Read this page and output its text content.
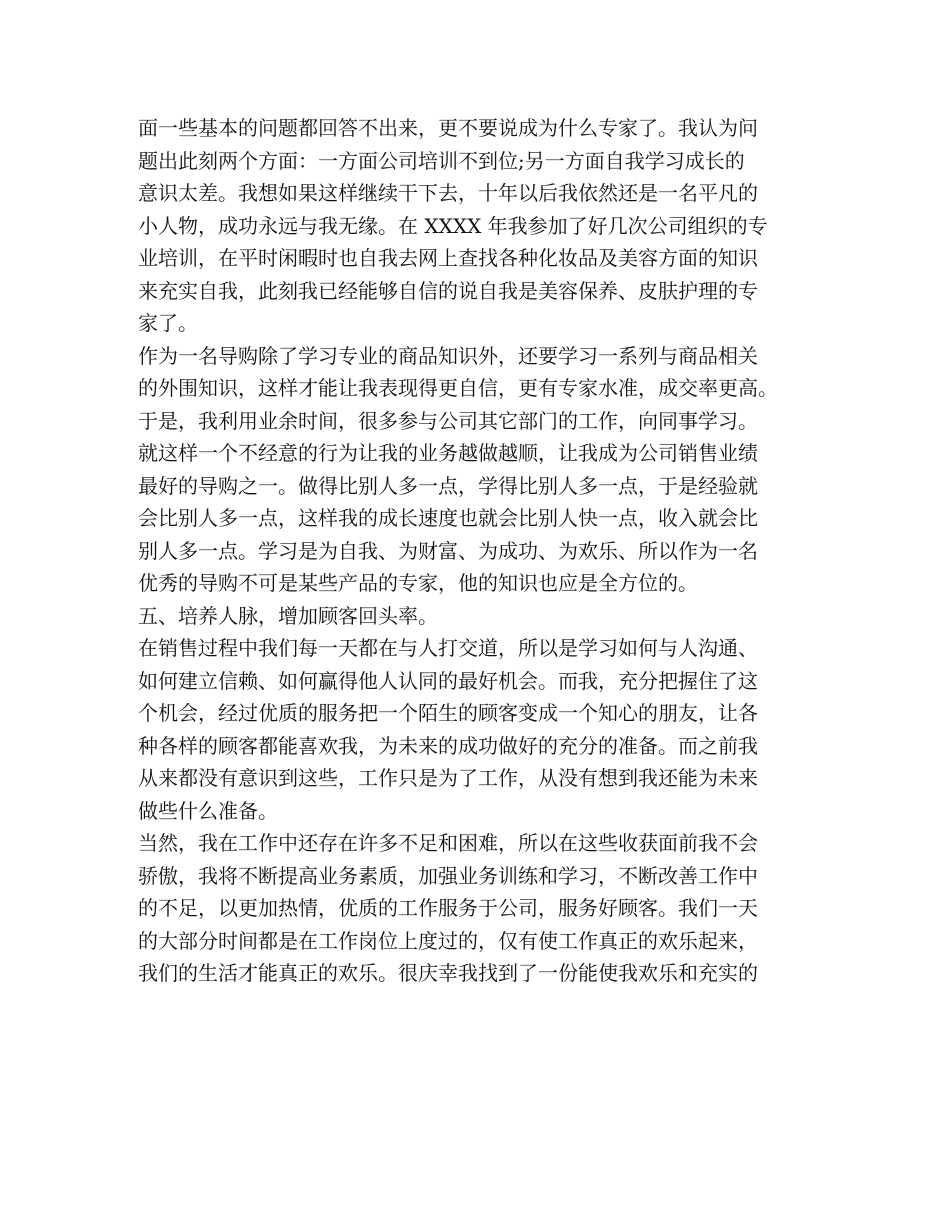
面一些基本的问题都回答不出来，更不要说成为什么专家了。我认为问
题出此刻两个方面：一方面公司培训不到位;另一方面自我学习成长的
意识太差。我想如果这样继续干下去，十年以后我依然还是一名平凡的
小人物，成功永远与我无缘。在 XXXX 年我参加了好几次公司组织的专
业培训，在平时闲暇时也自我去网上查找各种化妆品及美容方面的知识
来充实自我，此刻我已经能够自信的说自我是美容保养、皮肤护理的专
家了。
作为一名导购除了学习专业的商品知识外，还要学习一系列与商品相关
的外围知识，这样才能让我表现得更自信，更有专家水准，成交率更高。
于是，我利用业余时间，很多参与公司其它部门的工作，向同事学习。
就这样一个不经意的行为让我的业务越做越顺，让我成为公司销售业绩
最好的导购之一。做得比别人多一点，学得比别人多一点，于是经验就
会比别人多一点，这样我的成长速度也就会比别人快一点，收入就会比
别人多一点。学习是为自我、为财富、为成功、为欢乐、所以作为一名
优秀的导购不可是某些产品的专家，他的知识也应是全方位的。
五、培养人脉，增加顾客回头率。
在销售过程中我们每一天都在与人打交道，所以是学习如何与人沟通、
如何建立信赖、如何赢得他人认同的最好机会。而我，充分把握住了这
个机会，经过优质的服务把一个陌生的顾客变成一个知心的朋友，让各
种各样的顾客都能喜欢我，为未来的成功做好的充分的准备。而之前我
从来都没有意识到这些，工作只是为了工作，从没有想到我还能为未来
做些什么准备。
当然，我在工作中还存在许多不足和困难，所以在这些收获面前我不会
骄傲，我将不断提高业务素质，加强业务训练和学习，不断改善工作中
的不足，以更加热情，优质的工作服务于公司，服务好顾客。我们一天
的大部分时间都是在工作岗位上度过的，仅有使工作真正的欢乐起来，
我们的生活才能真正的欢乐。很庆幸我找到了一份能使我欢乐和充实的
